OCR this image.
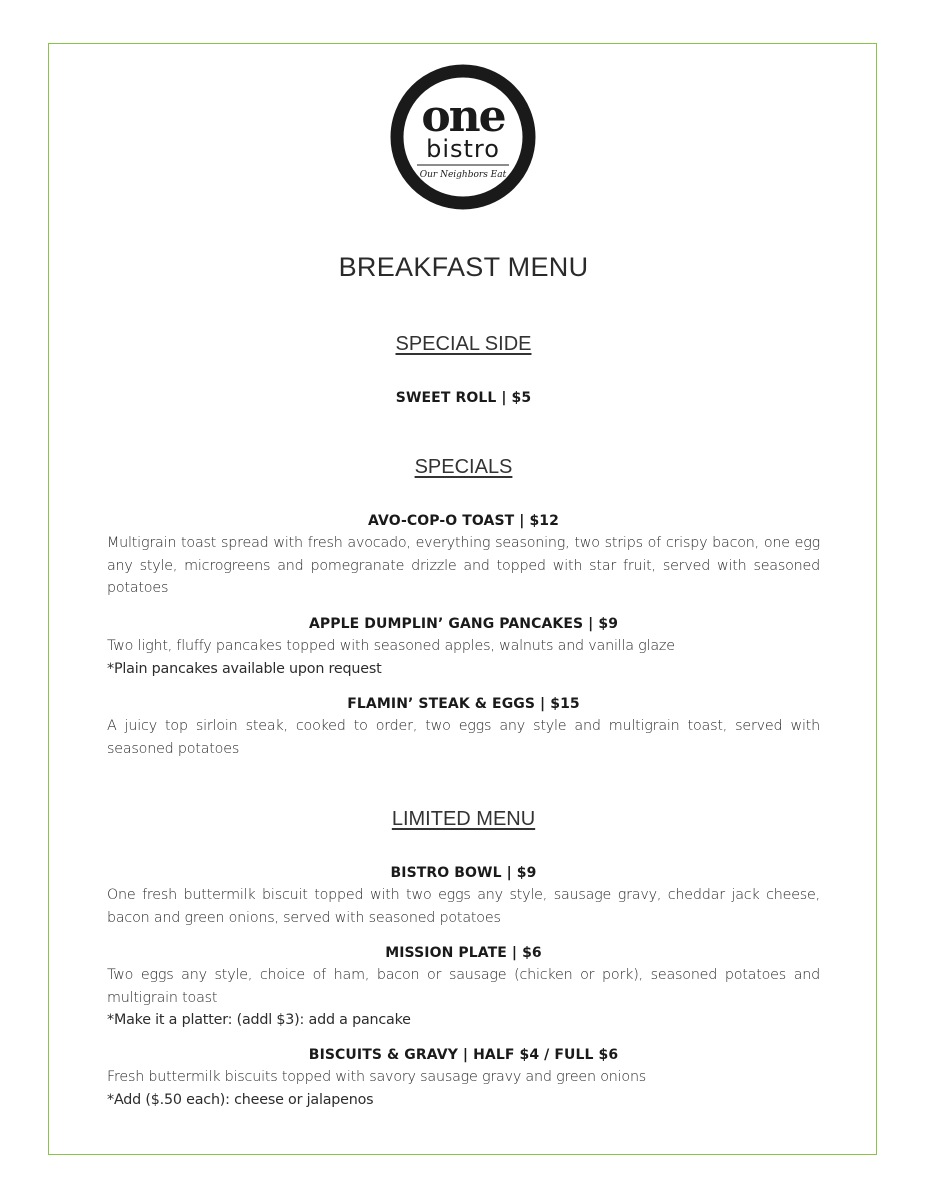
one
bistro
Our Neighbors Eat
BREAKFAST MENU
SPECIAL SIDE
SWEET ROLL | $5
SPECIALS
AVO-COP-O TOAST | $12
Multigrain toast spread with fresh avocado, everything seasoning, two strips of crispy bacon, one egg any style, microgreens and pomegranate drizzle and topped with star fruit, served with seasoned potatoes
APPLE DUMPLIN’ GANG PANCAKES | $9
Two light, fluffy pancakes topped with seasoned apples, walnuts and vanilla glaze
*Plain pancakes available upon request
FLAMIN’ STEAK & EGGS | $15
A juicy top sirloin steak, cooked to order, two eggs any style and multigrain toast, served with seasoned potatoes
LIMITED MENU
BISTRO BOWL | $9
One fresh buttermilk biscuit topped with two eggs any style, sausage gravy, cheddar jack cheese, bacon and green onions, served with seasoned potatoes
MISSION PLATE | $6
Two eggs any style, choice of ham, bacon or sausage (chicken or pork), seasoned potatoes and multigrain toast
*Make it a platter: (addl $3): add a pancake
BISCUITS & GRAVY | HALF $4 / FULL $6
Fresh buttermilk biscuits topped with savory sausage gravy and green onions
*Add ($.50 each): cheese or jalapenos
